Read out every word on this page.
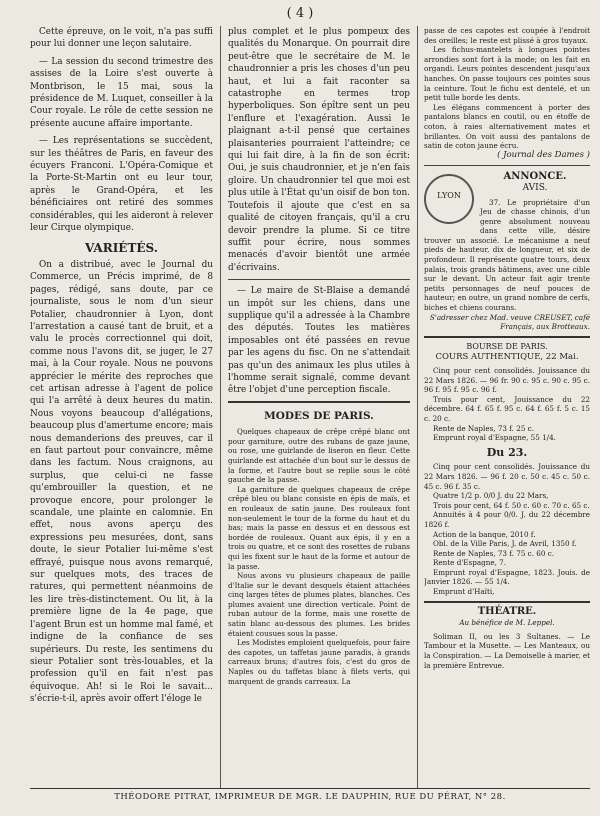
( 4 )

Cette épreuve, on le voit, n'a pas suffi pour lui donner une leçon salutaire.

— La session du second trimestre des assises de la Loire s'est ouverte à Montbrison, le 15 mai, sous la présidence de M. Luquet, conseiller à la Cour royale. Le rôle de cette session ne présente aucune affaire importante.

— Les représentations se succèdent, sur les théâtres de Paris, en faveur des écuyers Franconi. L'Opéra-Comique et la Porte-St-Martin ont eu leur tour, après le Grand-Opéra, et les bénéficiaires ont retiré des sommes considérables, qui les aideront à relever leur Cirque olympique.

VARIÉTÉS.

On a distribué, avec le Journal du Commerce, un Précis imprimé, de 8 pages, rédigé, sans doute, par ce journaliste, sous le nom d'un sieur Potalier, chaudronnier à Lyon, dont l'arrestation a causé tant de bruit, et a valu le procès correctionnel qui doit, comme nous l'avons dit, se juger, le 27 mai, à la Cour royale. Nous ne pouvons apprécier le mérite des reproches que cet artisan adresse à l'agent de police qui l'a arrêté à deux heures du matin. Nous voyons beaucoup d'allégations, beaucoup plus d'amertume encore; mais nous demanderions des preuves, car il en faut partout pour convaincre, même dans les factum. Nous craignons, au surplus, que celui-ci ne fasse qu'embrouiller la question, et ne provoque encore, pour prolonger le scandale, une plainte en calomnie. En effet, nous avons aperçu des expressions peu mesurées, dont, sans doute, le sieur Potalier lui-même s'est effrayé, puisque nous avons remarqué, sur quelques mots, des traces de ratures, qui permettent néanmoins de les lire très-distinctement. Ou lit, à la première ligne de la 4e page, que l'agent Brun est un homme mal famé, et indigne de la confiance de ses supérieurs. Du reste, les sentimens du sieur Potalier sont très-louables, et la profession qu'il en fait n'est pas équivoque. Ah! si le Roi le savait... s'écrie-t-il, après avoir offert l'éloge le

plus complet et le plus pompeux des qualités du Monarque. On pourrait dire peut-être que le secrétaire de M. le chaudronnier a pris les choses d'un peu haut, et lui a fait raconter sa catastrophe en termes trop hyperboliques. Son épître sent un peu l'enflure et l'exagération. Aussi le plaignant a-t-il pensé que certaines plaisanteries pourraient l'atteindre; ce qui lui fait dire, à la fin de son écrit: Oui, je suis chaudronnier, et je n'en fais gloire. Un chaudronnier tel que moi est plus utile à l'État qu'un oisif de bon ton. Toutefois il ajoute que c'est en sa qualité de citoyen français, qu'il a cru devoir prendre la plume. Si ce titre suffit pour écrire, nous sommes menacés d'avoir bientôt une armée d'écrivains.

— Le maire de St-Blaise a demandé un impôt sur les chiens, dans une supplique qu'il a adressée à la Chambre des députés. Toutes les matières imposables ont été passées en revue par les agens du fisc. On ne s'attendait pas qu'un des animaux les plus utiles à l'homme serait signalé, comme devant être l'objet d'une perception fiscale.

MODES DE PARIS.

Quelques chapeaux de crêpe crêpé blanc ont pour garniture, outre des rubans de gaze jaune, ou rose, une guirlande de liseron en fleur. Cette guirlande est attachée d'un bout sur le dessus de la forme, et l'autre bout se replie sous le côté gauche de la passe.

La garniture de quelques chapeaux de crêpe crêpé bleu ou blanc consiste en épis de maïs, et en rouleaux de satin jaune. Des rouleaux font non-seulement le tour de la forme du haut et du bas; mais la passe en dessus et en dessous est bordée de rouleaux. Quant aux épis, il y en a trois ou quatre, et ce sont des rosettes de rubans qui les fixent sur le haut de la forme et autour de la passe.

Nous avons vu plusieurs chapeaux de paille d'Italie sur le devant desquels étaient attachées cinq larges têtes de plumes plates, blanches. Ces plumes avaient une direction verticale. Point de ruban autour de la forme, mais une rosette de satin blanc au-dessous des plumes. Les brides étaient cousues sous la passe.

Les Modistes emploient quelquefois, pour faire des capotes, un taffetas jaune paradis, à grands carreaux bruns; d'autres fois, c'est du gros de Naples ou du taffetas blanc à filets verts, qui marquent de grands carreaux. La

passe de ces capotes est coupée à l'endroit des oreilles; le reste est plissé à gros tuyaux.

Les fichus-mantelets à longues pointes arrondies sont fort à la mode; on les fait en organdi. Leurs pointes descendent jusqu'aux hanches. On passe toujours ces pointes sous la ceinture. Tout le fichu est dentelé, et un petit tulle borde les dents.

Les élégans commencent à porter des pantalons blancs en coutil, ou en étoffe de coton, à raies alternativement mates et brillantes. On voit aussi des pantalons de satin de coton jaune écru.

( Journal des Dames )

LYON

ANNONCE.

AVIS.

37. Le propriétaire d'un Jeu de chasse chinois, d'un genre absolument nouveau dans cette ville, désire trouver un associé. Le mécanisme a neuf pieds de hauteur, dix de longueur, et six de profondeur. Il représente quatre tours, deux palais, trois grands bâtimens, avec une cible sur le devant. Un acteur fait agir trente petits personnages de neuf pouces de hauteur; en outre, un grand nombre de cerfs, biches et chiens courans.

S'adresser chez Mad. veuve CREUSET, café Français, aux Brotteaux.

BOURSE DE PARIS.

COURS AUTHENTIQUE, 22 Mai.

Cinq pour cent consolidés. Jouissance du 22 Mars 1826. — 96 fr. 90 c. 95 c. 90 c. 95 c. 96 f. 95 f. 95 c. 96 f.

Trois pour cent, Jouissance du 22 décembre. 64 f. 65 f. 95 c. 64 f. 65 f. 5 c. 15 c. 20 c.

Rente de Naples, 73 f. 25 c.

Emprunt royal d'Espagne, 55 1/4.

Du 23.

Cinq pour cent consolidés. Jouissance du 22 Mars 1826. — 96 f. 20 c. 50 c. 45 c. 50 c. 45 c. 96 f. 35 c.

Quatre 1/2 p. 0/0 J. du 22 Mars,

Trois pour cent, 64 f. 50 c. 60 c. 70 c. 65 c.

Annuités à 4 pour 0/0. J. du 22 décembre 1826 f.

Action de la banque, 2010 f.

Obl. de la Ville Paris, J. de Avril, 1350 f.

Rente de Naples, 73 f. 75 c. 60 c.

Rente d'Espagne, 7.

Emprunt royal d'Espagne, 1823. Jouis. de Janvier 1826. — 55 1/4.

Emprunt d'Haïti,

THÉATRE.

Au bénéfice de M. Leppel.

Soliman II, ou les 3 Sultanes. — Le Tambour et la Musette. — Les Manteaux, ou la Conspiration. — La Demoiselle à marier, et la première Entrevue.

THÉODORE PITRAT, IMPRIMEUR DE MGR. LE DAUPHIN, RUE DU PÉRAT, N° 28.
